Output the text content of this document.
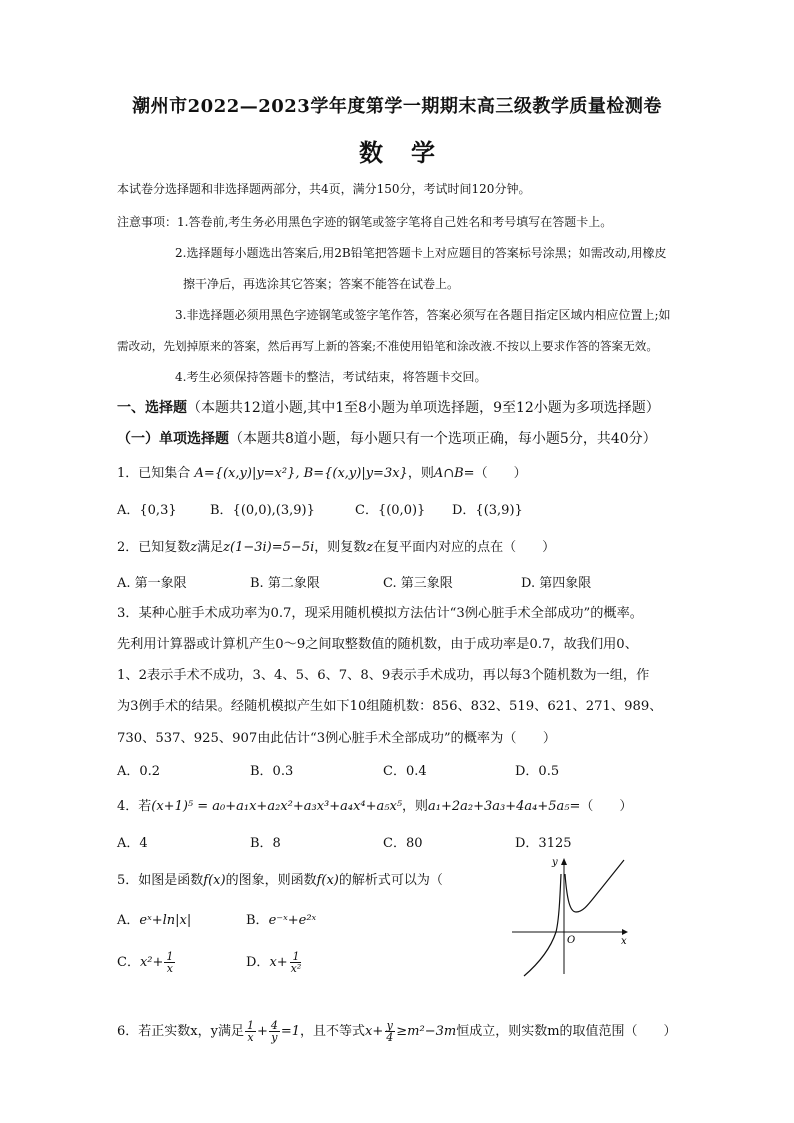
潮州市2022—2023学年度第学一期期末高三级教学质量检测卷
数学
本试卷分选择题和非选择题两部分，共4页，满分150分，考试时间120分钟。
注意事项：1.答卷前,考生务必用黑色字迹的钢笔或签字笔将自己姓名和考号填写在答题卡上。
2.选择题每小题选出答案后,用2B铅笔把答题卡上对应题目的答案标号涂黑；如需改动,用橡皮
擦干净后，再选涂其它答案；答案不能答在试卷上。
3.非选择题必须用黑色字迹钢笔或签字笔作答，答案必须写在各题目指定区域内相应位置上;如
需改动，先划掉原来的答案，然后再写上新的答案;不准使用铅笔和涂改液.不按以上要求作答的答案无效。
4.考生必须保持答题卡的整洁，考试结束，将答题卡交回。
一、选择题（本题共12道小题,其中1至8小题为单项选择题，9至12小题为多项选择题）
（一）单项选择题（本题共8道小题，每小题只有一个选项正确，每小题5分，共40分）
1．已知集合 A={(x,y)|y=x²}, B={(x,y)|y=3x}，则A∩B=（　　）
A．{0,3}	B．{(0,0),(3,9)}	C．{(0,0)} D．{(3,9)}
2．已知复数z满足z(1−3i)=5−5i，则复数z在复平面内对应的点在（　　）
A. 第一象限	B. 第二象限	C. 第三象限	D. 第四象限
3．某种心脏手术成功率为0.7，现采用随机模拟方法估计“3例心脏手术全部成功”的概率。
先利用计算器或计算机产生0～9之间取整数值的随机数，由于成功率是0.7，故我们用0、
1、2表示手术不成功，3、4、5、6、7、8、9表示手术成功，再以每3个随机数为一组，作
为3例手术的结果。经随机模拟产生如下10组随机数：856、832、519、621、271、989、
730、537、925、907由此估计“3例心脏手术全部成功”的概率为（　　）
A．0.2	B．0.3	C．0.4	D．0.5
4．若(x+1)⁵ = a₀+a₁x+a₂x²+a₃x³+a₄x⁴+a₅x⁵，则a₁+2a₂+3a₃+4a₄+5a₅=（　　）
A．4	B．8	C．80	D．3125
5．如图是函数f(x)的图象，则函数f(x)的解析式可以为（
A．eˣ+ln|x|	B．e⁻ˣ+e²ˣ
C．$x^2+ \frac{1}{x}$	D．$x+ \frac{1}{\text{x²}}$
y
x
O
6．若正实数x，y满足 $\frac{1}{x} + \frac{4}{y} =1$，且不等式$x+ \frac{y}{4} \ge m^2-3m$恒成立，则实数m的取值范围（　　）
